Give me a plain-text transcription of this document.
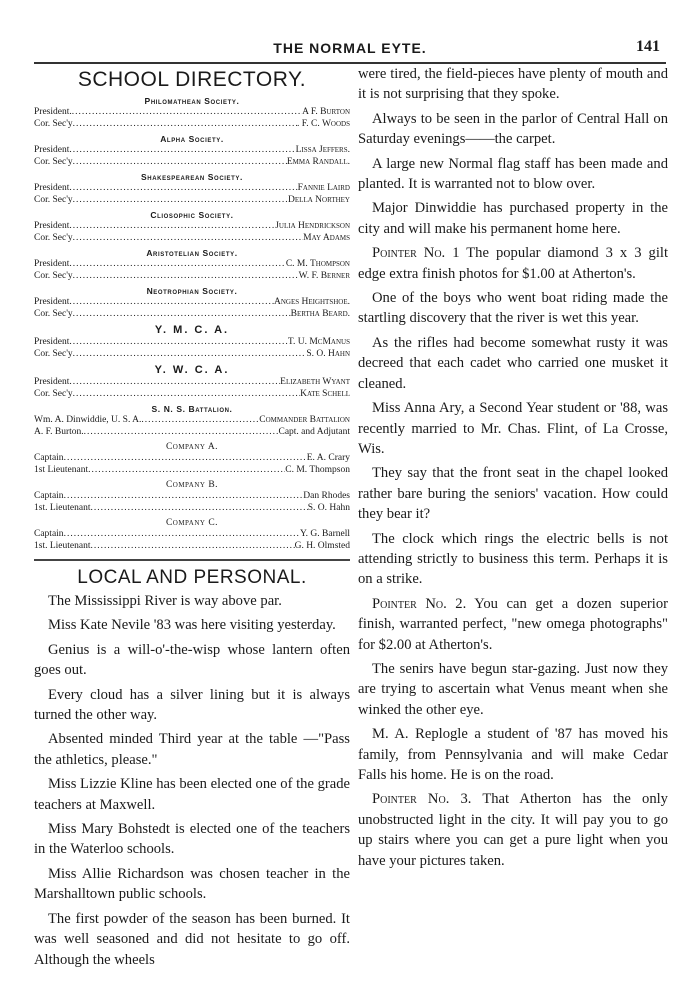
THE NORMAL EYTE.	141
SCHOOL DIRECTORY.
Philomathean Society.
President. .....	A F. Burton
Cor. Sec'y .....	. F. C. Woods
Alpha Society.
President .....	Lissa Jeffers.
Cor. Sec'y .....	Emma Randall.
Shakespearean Society.
President .....	Fannie Laird
Cor. Sec'y .....	Della Northey
Cliosophic Society.
President .....	Julia Hendrickson
Cor. Sec'y .....	May Adams
Aristotelian Society.
President .....	C. M. Thompson
Cor. Sec'y .....	W. F. Berner
Neotrophian Society.
President .....	Anges Heightshoe.
Cor. Sec'y .....	Bertha Beard.
Y. M. C. A.
President .....	T. U. McManus
Cor. Sec'y .....	S. O. Hahn
Y. W. C. A.
President .....	Elizabeth Wyant
Cor. Sec'y .....	Kate Schell
S. N. S. Battalion.
Wm. A. Dinwiddie, U. S. A. .....	Commander Battalion
A. F. Burton. .....	Capt. and Adjutant
Company A.
Captain .....	E. A. Crary
1st Lieutenant .....	C. M. Thompson
Company B.
Captain .....	Dan Rhodes
1st. Lieutenant .....	S. O. Hahn
Company C.
Captain .....	Y. G. Barnell
1st. Lieutenant .....	G. H. Olmsted
LOCAL AND PERSONAL.

The Mississippi River is way above par.

Miss Kate Nevile '83 was here visiting yesterday.

Genius is a will-o'-the-wisp whose lantern often goes out.

Every cloud has a silver lining but it is always turned the other way.

Absented minded Third year at the table —"Pass the athletics, please."

Miss Lizzie Kline has been elected one of the grade teachers at Maxwell.

Miss Mary Bohstedt is elected one of the teachers in the Waterloo schools.

Miss Allie Richardson was chosen teacher in the Marshalltown public schools.

The first powder of the season has been burned. It was well seasoned and did not hesitate to go off. Although the wheels

were tired, the field-pieces have plenty of mouth and it is not surprising that they spoke.

Always to be seen in the parlor of Central Hall on Saturday evenings——the carpet.

A large new Normal flag staff has been made and planted. It is warranted not to blow over.

Major Dinwiddie has purchased property in the city and will make his permanent home here.

Pointer No. 1 The popular diamond 3 x 3 gilt edge extra finish photos for $1.00 at Atherton's.

One of the boys who went boat riding made the startling discovery that the river is wet this year.

As the rifles had become somewhat rusty it was decreed that each cadet who carried one musket it cleaned.

Miss Anna Ary, a Second Year student or '88, was recently married to Mr. Chas. Flint, of La Crosse, Wis.

They say that the front seat in the chapel looked rather bare buring the seniors' vacation. How could they bear it?

The clock which rings the electric bells is not attending strictly to business this term. Perhaps it is on a strike.

Pointer No. 2. You can get a dozen superior finish, warranted perfect, "new omega photographs" for $2.00 at Atherton's.

The senirs have begun star-gazing. Just now they are trying to ascertain what Venus meant when she winked the other eye.

M. A. Replogle a student of '87 has moved his family, from Pennsylvania and will make Cedar Falls his home. He is on the road.

Pointer No. 3. That Atherton has the only unobstructed light in the city. It will pay you to go up stairs where you can get a pure light when you have your pictures taken.
